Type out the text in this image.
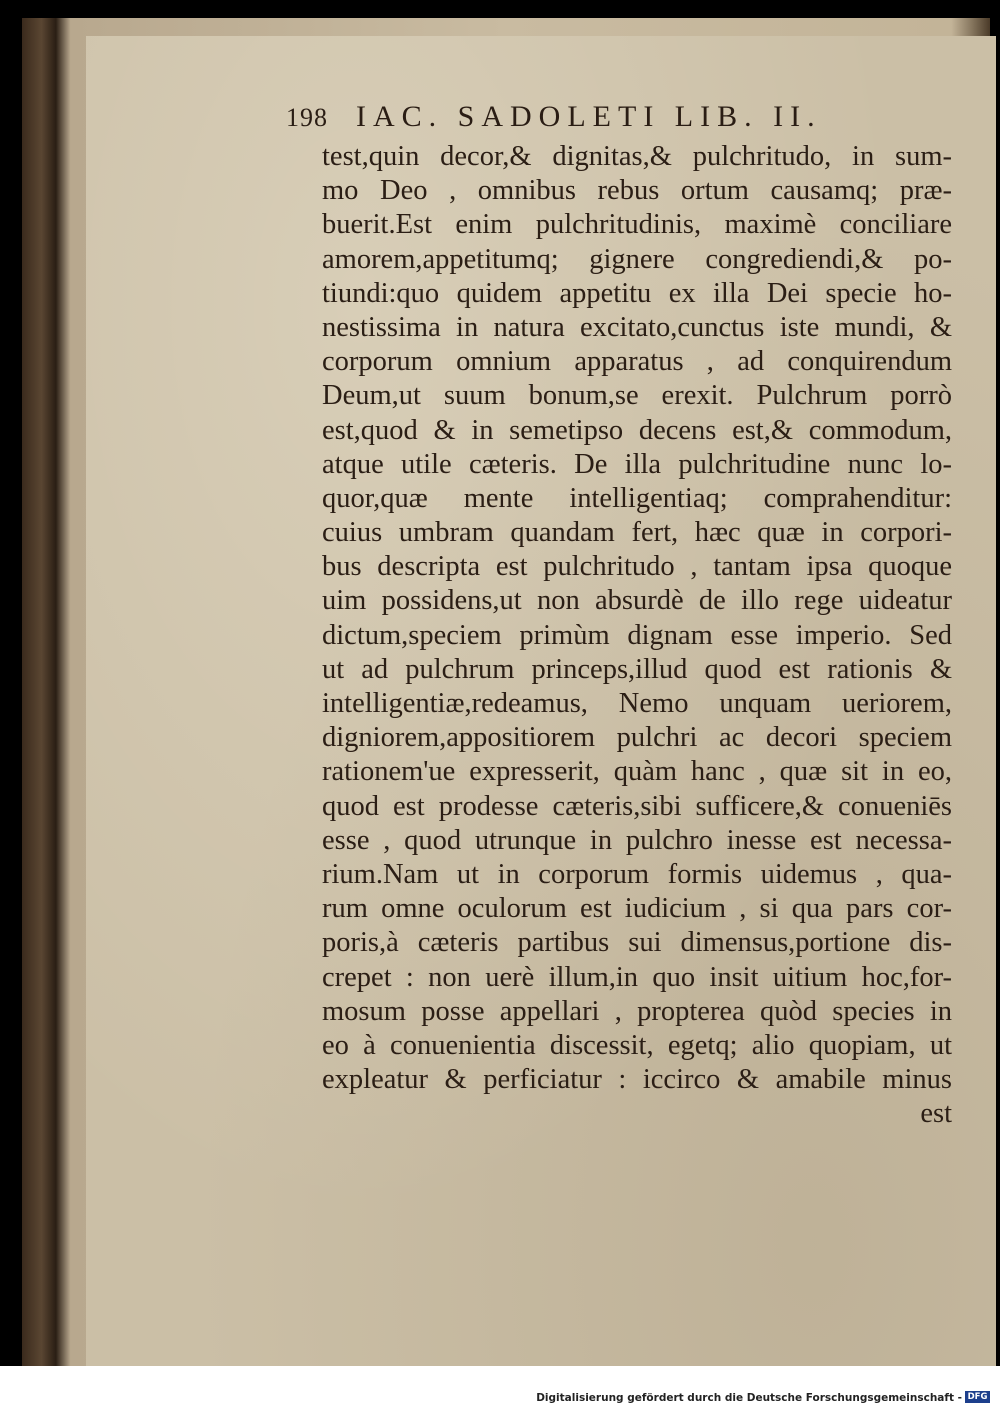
198 IAC. SADOLETI LIB. II.
test,quin decor,& dignitas,& pulchritudo, in sum-
mo Deo , omnibus rebus ortum causamq; præ-
buerit.Est enim pulchritudinis, maximè conciliare
amorem,appetitumq; gignere congrediendi,& po-
tiundi:quo quidem appetitu ex illa Dei specie ho-
nestissima in natura excitato,cunctus iste mundi, &
corporum omnium apparatus , ad conquirendum
Deum,ut suum bonum,se erexit. Pulchrum porrò
est,quod & in semetipso decens est,& commodum,
atque utile cæteris. De illa pulchritudine nunc lo-
quor,quæ mente intelligentiaq; comprahenditur:
cuius umbram quandam fert, hæc quæ in corpori-
bus descripta est pulchritudo , tantam ipsa quoque
uim possidens,ut non absurdè de illo rege uideatur
dictum,speciem primùm dignam esse imperio. Sed
ut ad pulchrum princeps,illud quod est rationis &
intelligentiæ,redeamus, Nemo unquam ueriorem,
digniorem,appositiorem pulchri ac decori speciem
rationem'ue expresserit, quàm hanc , quæ sit in eo,
quod est prodesse cæteris,sibi sufficere,& conueniēs
esse , quod utrunque in pulchro inesse est necessa-
rium.Nam ut in corporum formis uidemus , qua-
rum omne oculorum est iudicium , si qua pars cor-
poris,à cæteris partibus sui dimensus,portione dis-
crepet : non uerè illum,in quo insit uitium hoc,for-
mosum posse appellari , propterea quòd species in
eo à conuenientia discessit, egetq; alio quopiam, ut
expleatur & perficiatur : iccirco & amabile minus
est
Digitalisierung gefördert durch die Deutsche Forschungsgemeinschaft - DFG
